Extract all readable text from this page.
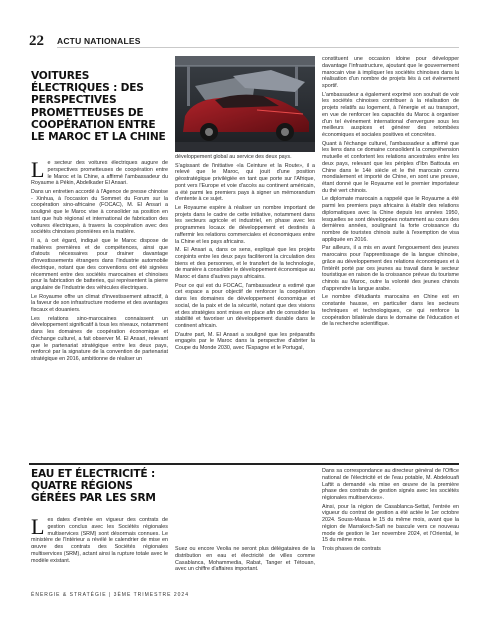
22 ACTU NATIONALES
VOITURES ÉLECTRIQUES : DES PERSPECTIVES PROMETTEUSES DE COOPÉRATION ENTRE LE MAROC ET LA CHINE

Le secteur des voitures électriques augure de perspectives prometteuses de coopération entre le Maroc et la Chine, a affirmé l'ambassadeur du Royaume à Pékin, Abdelkader El Ansari.

Dans un entretien accordé à l'Agence de presse chinoise - Xinhua, à l'occasion du Sommet du Forum sur la coopération sino-africaine (FOCAC), M. El Ansari a souligné que le Maroc vise à consolider sa position en tant que hub régional et international de fabrication des voitures électriques, à travers la coopération avec des sociétés chinoises pionnières en la matière.

Il a, à cet égard, indiqué que le Maroc dispose de matières premières et de compétences, ainsi que d'atouts nécessaires pour drainer davantage d'investissements étrangers dans l'industrie automobile électrique, notant que des conventions ont été signées récemment entre des sociétés marocaines et chinoises pour la fabrication de batteries, qui représentent la pierre angulaire de l'industrie des véhicules électriques.

Le Royaume offre un climat d'investissement attractif, à la faveur de son infrastructure moderne et des avantages fiscaux et douaniers.

Les relations sino-marocaines connaissent un développement significatif à tous les niveaux, notamment dans les domaines de coopération économique et d'échange culturel, a fait observer M. El Ansari, relevant que le partenariat stratégique entre les deux pays, renforcé par la signature de la convention de partenariat stratégique en 2016, ambitionne de réaliser un

développement global au service des deux pays.

S'agissant de l'initiative «la Ceinture et la Route», il a relevé que le Maroc, qui jouit d'une position géostratégique privilégiée en tant que porte sur l'Afrique, pont vers l'Europe et voie d'accès au continent américain, a été parmi les premiers pays à signer un mémorandum d'entente à ce sujet.

Le Royaume espère à réaliser un nombre important de projets dans le cadre de cette initiative, notamment dans les secteurs agricole et industriel, en phase avec les programmes locaux de développement et destinés à raffermir les relations commerciales et économiques entre la Chine et les pays africains.

M. El Ansari a, dans ce sens, expliqué que les projets conjoints entre les deux pays faciliteront la circulation des biens et des personnes, et le transfert de la technologie, de manière à consolider le développement économique au Maroc et dans d'autres pays africains.

Pour ce qui est du FOCAC, l'ambassadeur a estimé que cet espace a pour objectif de renforcer la coopération dans les domaines de développement économique et social, de la paix et de la sécurité, notant que des visions et des stratégies sont mises en place afin de consolider la stabilité et favoriser un développement durable dans le continent africain.

D'autre part, M. El Ansari a souligné que les préparatifs engagés par le Maroc dans la perspective d'abriter la Coupe du Monde 2030, avec l'Espagne et le Portugal,

constituent une occasion idoine pour développer davantage l'infrastructure, ajoutant que le gouvernement marocain vise à impliquer les sociétés chinoises dans la réalisation d'un nombre de projets liés à cet événement sportif.

L'ambassadeur a également exprimé son souhait de voir les sociétés chinoises contribuer à la réalisation de projets relatifs au logement, à l'énergie et au transport, en vue de renforcer les capacités du Maroc à organiser d'un tel événement international d'envergure sous les meilleurs auspices et générer des retombées économiques et sociales positives et concrètes.

Quant à l'échange culturel, l'ambassadeur a affirmé que les liens dans ce domaine consolident la compréhension mutuelle et confortent les relations ancestrales entre les deux pays, relevant que les périples d'Ibn Battouta en Chine dans le 14è siècle et le thé marocain connu mondialement et importé de Chine, en sont une preuve, étant donné que le Royaume est le premier importateur du thé vert chinois.

Le diplomate marocain a rappelé que le Royaume a été parmi les premiers pays africains à établir des relations diplomatiques avec la Chine depuis les années 1950, lesquelles se sont développées notamment au cours des dernières années, soulignant la forte croissance du nombre de touristes chinois suite à l'exemption de visa appliquée en 2016.

Par ailleurs, il a mis en avant l'engouement des jeunes marocains pour l'apprentissage de la langue chinoise, grâce au développement des relations économiques et à l'intérêt porté par ces jeunes au travail dans le secteur touristique en raison de la croissance prévue du tourisme chinois au Maroc, outre la volonté des jeunes chinois d'apprendre la langue arabe.

Le nombre d'étudiants marocains en Chine est en constante hausse, en particulier dans les secteurs techniques et technologiques, ce qui renforce la coopération bilatérale dans le domaine de l'éducation et de la recherche scientifique.

EAU ET ÉLECTRICITÉ : QUATRE RÉGIONS GÉRÉES PAR LES SRM

Les dates d'entrée en vigueur des contrats de gestion conclus avec les Sociétés régionales multiservices (SRM) sont désormais connues. Le ministère de l'Intérieur a révélé le calendrier de mise en œuvre des contrats des Sociétés régionales multiservices (SRM), actant ainsi la rupture totale avec le modèle existant.

Suez ou encore Veolia ne seront plus délégataires de la distribution en eau et électricité de villes comme Casablanca, Mohammedia, Rabat, Tanger et Tétouan, avec un chiffre d'affaires important.

Dans sa correspondance au directeur général de l'Office national de l'électricité et de l'eau potable, M. Abdelouafi Laftit a demandé «la mise en œuvre de la première phase des contrats de gestion signés avec les sociétés régionales multiservices».

Ainsi, pour la région de Casablanca-Settat, l'entrée en vigueur du contrat de gestion a été actée le 1er octobre 2024. Souss-Massa le 15 du même mois, avant que la région de Marrakech-Safi ne bascule vers ce nouveau mode de gestion le 1er novembre 2024, et l'Oriental, le 15 du même mois.

Trois phases de contrats

ÉNERGIE & STRATÉGIE | 3ÈME TRIMESTRE 2024
